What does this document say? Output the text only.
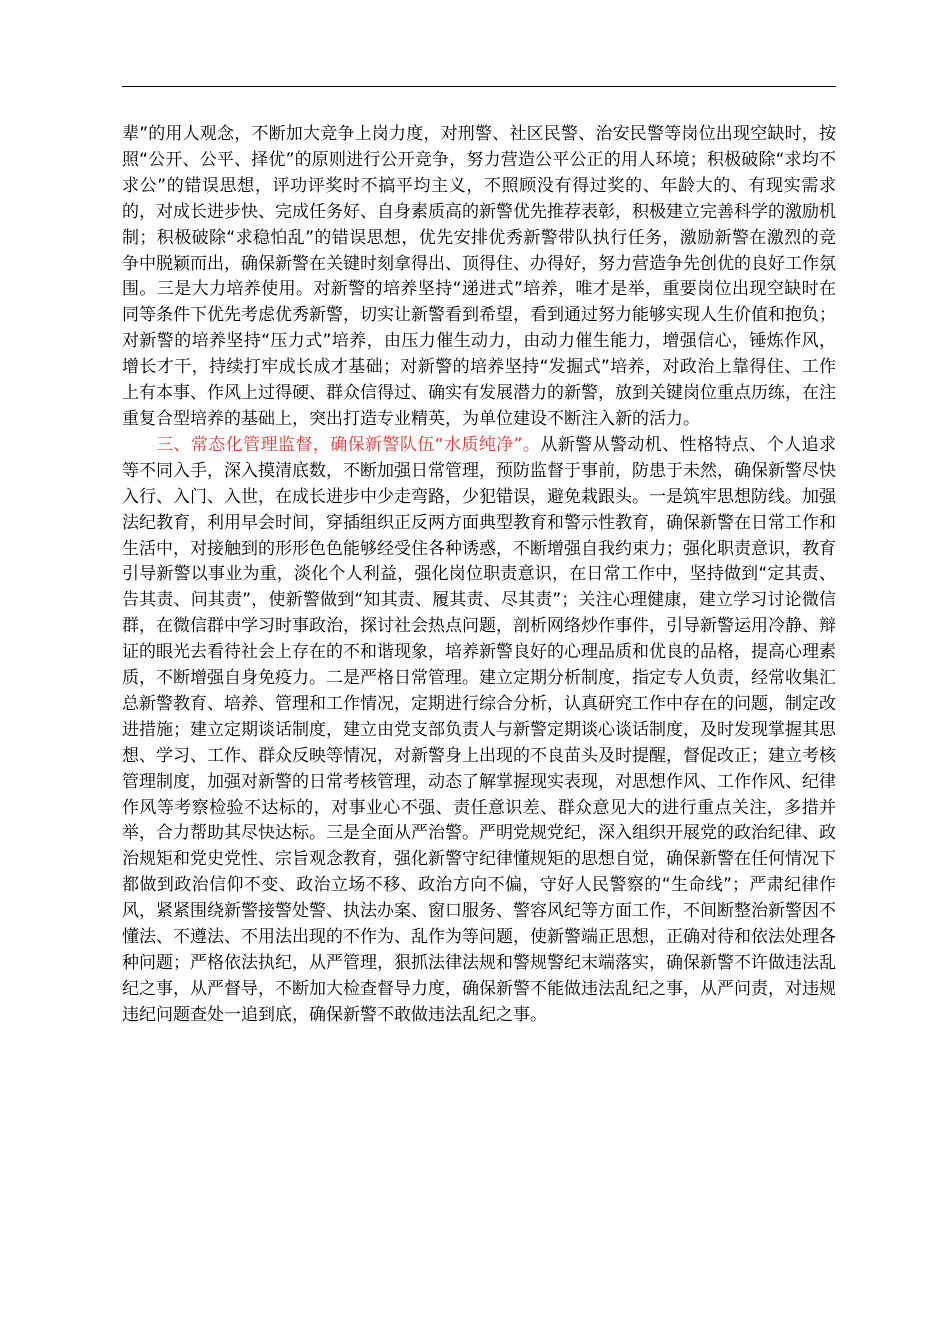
辈”的用人观念，不断加大竞争上岗力度，对刑警、社区民警、治安民警等岗位出现空缺时，按照“公开、公平、择优”的原则进行公开竞争，努力营造公平公正的用人环境；积极破除“求均不求公”的错误思想，评功评奖时不搞平均主义，不照顾没有得过奖的、年龄大的、有现实需求的，对成长进步快、完成任务好、自身素质高的新警优先推荐表彰，积极建立完善科学的激励机制；积极破除“求稳怕乱”的错误思想，优先安排优秀新警带队执行任务，激励新警在激烈的竞争中脱颖而出，确保新警在关键时刻拿得出、顶得住、办得好，努力营造争先创优的良好工作氛围。三是大力培养使用。对新警的培养坚持“递进式”培养，唯才是举，重要岗位出现空缺时在同等条件下优先考虑优秀新警，切实让新警看到希望，看到通过努力能够实现人生价值和抱负；对新警的培养坚持“压力式”培养，由压力催生动力，由动力催生能力，增强信心，锤炼作风，增长才干，持续打牢成长成才基础；对新警的培养坚持“发掘式”培养，对政治上靠得住、工作上有本事、作风上过得硬、群众信得过、确实有发展潜力的新警，放到关键岗位重点历练，在注重复合型培养的基础上，突出打造专业精英，为单位建设不断注入新的活力。

三、常态化管理监督，确保新警队伍“水质纯净”。从新警从警动机、性格特点、个人追求等不同入手，深入摸清底数，不断加强日常管理，预防监督于事前，防患于未然，确保新警尽快入行、入门、入世，在成长进步中少走弯路，少犯错误，避免栽跟头。一是筑牢思想防线。加强法纪教育，利用早会时间，穿插组织正反两方面典型教育和警示性教育，确保新警在日常工作和生活中，对接触到的形形色色能够经受住各种诱惑，不断增强自我约束力；强化职责意识，教育引导新警以事业为重，淡化个人利益，强化岗位职责意识，在日常工作中，坚持做到“定其责、告其责、问其责”，使新警做到“知其责、履其责、尽其责”；关注心理健康，建立学习讨论微信群，在微信群中学习时事政治，探讨社会热点问题，剖析网络炒作事件，引导新警运用冷静、辩证的眼光去看待社会上存在的不和谐现象，培养新警良好的心理品质和优良的品格，提高心理素质，不断增强自身免疫力。二是严格日常管理。建立定期分析制度，指定专人负责，经常收集汇总新警教育、培养、管理和工作情况，定期进行综合分析，认真研究工作中存在的问题，制定改进措施；建立定期谈话制度，建立由党支部负责人与新警定期谈心谈话制度，及时发现掌握其思想、学习、工作、群众反映等情况，对新警身上出现的不良苗头及时提醒，督促改正；建立考核管理制度，加强对新警的日常考核管理，动态了解掌握现实表现，对思想作风、工作作风、纪律作风等考察检验不达标的，对事业心不强、责任意识差、群众意见大的进行重点关注，多措并举，合力帮助其尽快达标。三是全面从严治警。严明党规党纪，深入组织开展党的政治纪律、政治规矩和党史党性、宗旨观念教育，强化新警守纪律懂规矩的思想自觉，确保新警在任何情况下都做到政治信仰不变、政治立场不移、政治方向不偏，守好人民警察的“生命线”；严肃纪律作风，紧紧围绕新警接警处警、执法办案、窗口服务、警容风纪等方面工作，不间断整治新警因不懂法、不遵法、不用法出现的不作为、乱作为等问题，使新警端正思想，正确对待和依法处理各种问题；严格依法执纪，从严管理，狠抓法律法规和警规警纪末端落实，确保新警不许做违法乱纪之事，从严督导，不断加大检查督导力度，确保新警不能做违法乱纪之事，从严问责，对违规违纪问题查处一追到底，确保新警不敢做违法乱纪之事。
